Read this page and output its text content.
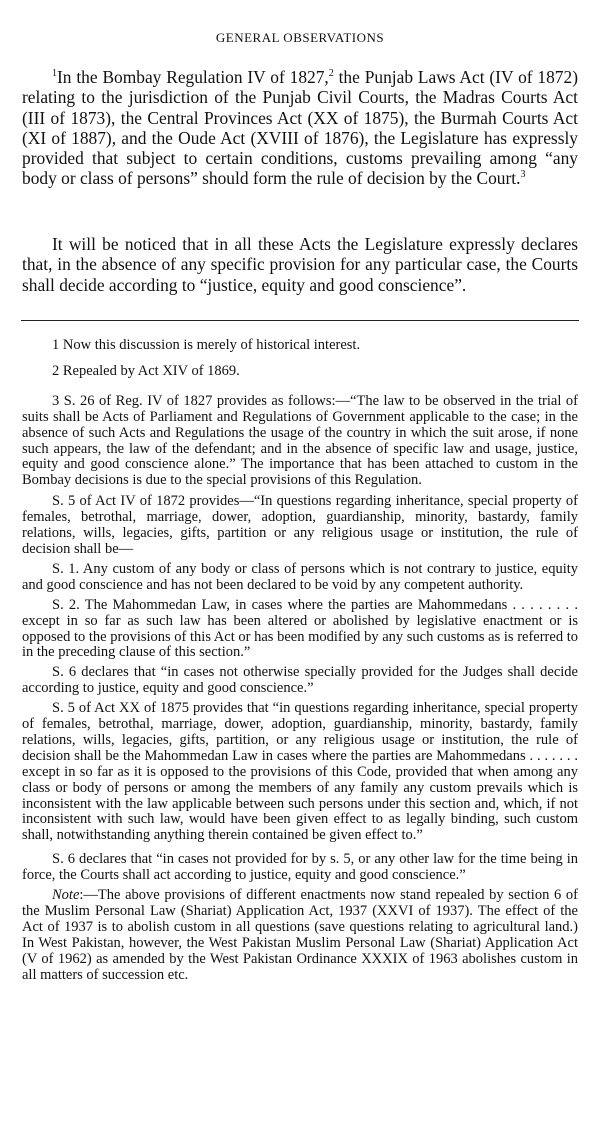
GENERAL OBSERVATIONS

$^1$In the Bombay Regulation IV of 1827,$^2$ the Punjab Laws Act (IV of 1872) relating to the jurisdiction of the Punjab Civil Courts, the Madras Courts Act (III of 1873), the Central Provinces Act (XX of 1875), the Burmah Courts Act (XI of 1887), and the Oude Act (XVIII of 1876), the Legislature has expressly provided that subject to certain conditions, customs prevailing among “any body or class of persons” should form the rule of decision by the Court.$^3$

It will be noticed that in all these Acts the Legislature expressly declares that, in the absence of any specific provision for any particular case, the Courts shall decide according to “justice, equity and good conscience”.

1 Now this discussion is merely of historical interest.

2 Repealed by Act XIV of 1869.

3 S. 26 of Reg. IV of 1827 provides as follows:—“The law to be observed in the trial of suits shall be Acts of Parliament and Regulations of Government applicable to the case; in the absence of such Acts and Regulations the usage of the country in which the suit arose, if none such appears, the law of the defendant; and in the absence of specific law and usage, justice, equity and good conscience alone.” The importance that has been attached to custom in the Bombay decisions is due to the special provisions of this Regulation.

S. 5 of Act IV of 1872 provides—“In questions regarding inheritance, special property of females, betrothal, marriage, dower, adoption, guardianship, minority, bastardy, family relations, wills, legacies, gifts, partition or any religious usage or institution, the rule of decision shall be—

S. 1. Any custom of any body or class of persons which is not contrary to justice, equity and good conscience and has not been declared to be void by any competent authority.

S. 2. The Mahommedan Law, in cases where the parties are Mahommedans . . . . . . . . except in so far as such law has been altered or abolished by legislative enactment or is opposed to the provisions of this Act or has been modified by any such customs as is referred to in the preceding clause of this section.”

S. 6 declares that “in cases not otherwise specially provided for the Judges shall decide according to justice, equity and good conscience.”

S. 5 of Act XX of 1875 provides that “in questions regarding inheritance, special property of females, betrothal, marriage, dower, adoption, guardianship, minority, bastardy, family relations, wills, legacies, gifts, partition, or any religious usage or institution, the rule of decision shall be the Mahommedan Law in cases where the parties are Mahommedans . . . . . . . except in so far as it is opposed to the provisions of this Code, provided that when among any class or body of persons or among the members of any family any custom prevails which is inconsistent with the law applicable between such persons under this section and, which, if not inconsistent with such law, would have been given effect to as legally binding, such custom shall, notwithstanding anything therein contained be given effect to.”

S. 6 declares that “in cases not provided for by s. 5, or any other law for the time being in force, the Courts shall act according to justice, equity and good conscience.”

Note:—The above provisions of different enactments now stand repealed by section 6 of the Muslim Personal Law (Shariat) Application Act, 1937 (XXVI of 1937). The effect of the Act of 1937 is to abolish custom in all questions (save questions relating to agricultural land.) In West Pakistan, however, the West Pakistan Muslim Personal Law (Shariat) Application Act (V of 1962) as amended by the West Pakistan Ordinance XXXIX of 1963 abolishes custom in all matters of succession etc.
